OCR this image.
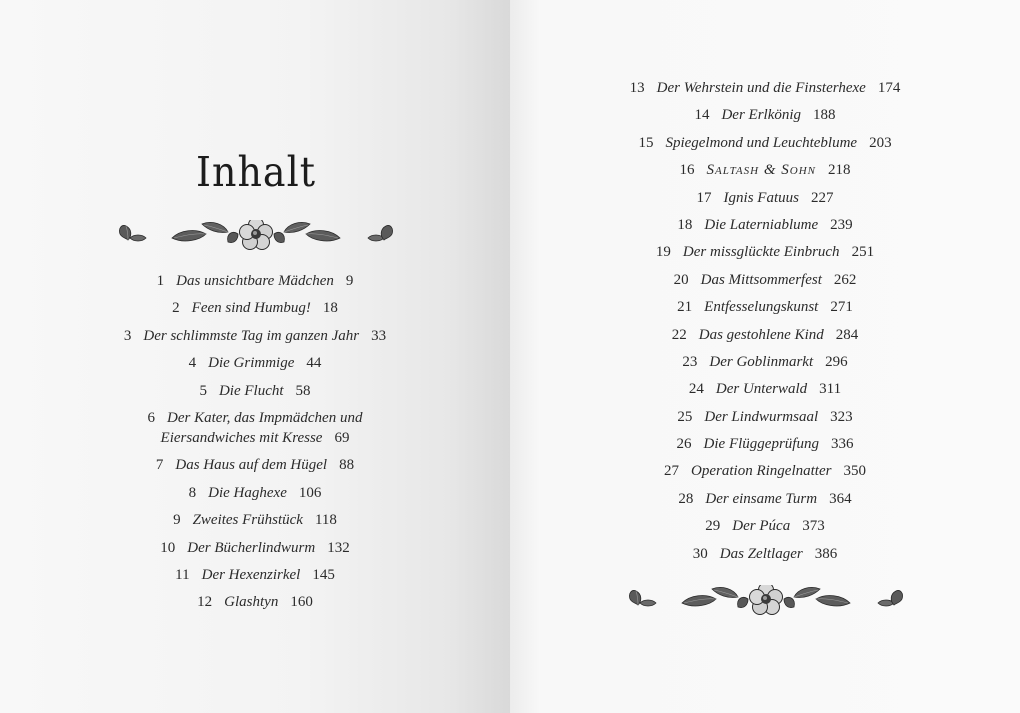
Inhalt
1 Das unsichtbare Mädchen 9
2 Feen sind Humbug! 18
3 Der schlimmste Tag im ganzen Jahr 33
4 Die Grimmige 44
5 Die Flucht 58
6 Der Kater, das Impmädchen und
Eiersandwiches mit Kresse 69
7 Das Haus auf dem Hügel 88
8 Die Haghexe 106
9 Zweites Frühstück 118
10 Der Bücherlindwurm 132
11 Der Hexenzirkel 145
12 Glashtyn 160
13 Der Wehrstein und die Finsterhexe 174
14 Der Erlkönig 188
15 Spiegelmond und Leuchteblume 203
16 Saltash & Sohn 218
17 Ignis Fatuus 227
18 Die Laterniablume 239
19 Der missglückte Einbruch 251
20 Das Mittsommerfest 262
21 Entfesselungskunst 271
22 Das gestohlene Kind 284
23 Der Goblinmarkt 296
24 Der Unterwald 311
25 Der Lindwurmsaal 323
26 Die Flüggeprüfung 336
27 Operation Ringelnatter 350
28 Der einsame Turm 364
29 Der Púca 373
30 Das Zeltlager 386
